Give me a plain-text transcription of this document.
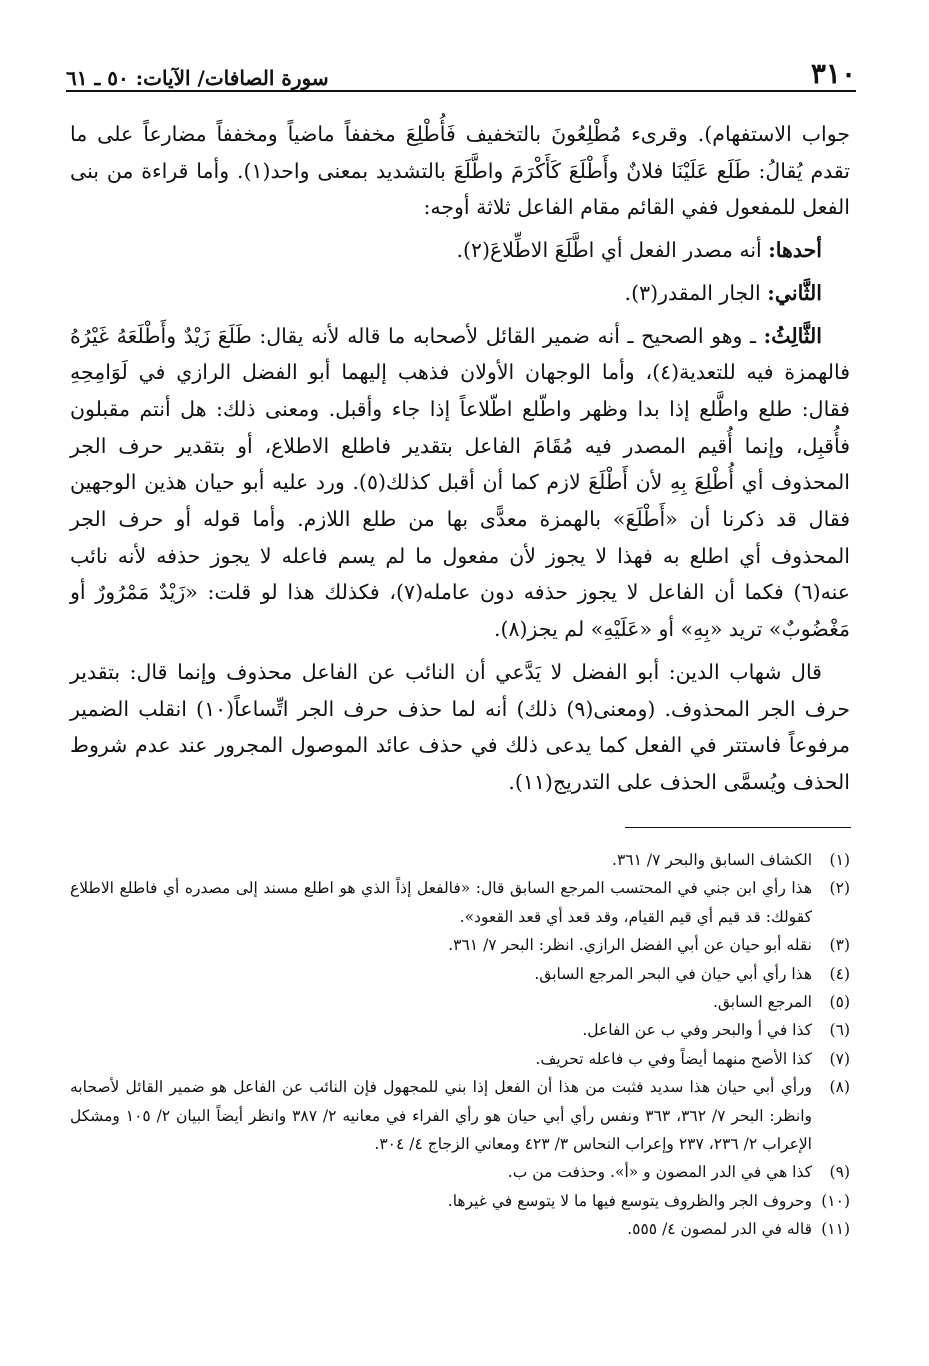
٣١٠
سورة الصافات/ الآيات: ٥٠ ـ ٦١

جواب الاستفهام). وقرىء مُطْلِعُونَ بالتخفيف فَأُطْلِعَ مخففاً ماضياً ومخففاً مضارعاً على ما تقدم يُقالُ: طَلَع عَلَيْنَا فلانٌ وأَطْلَعَ كَأَكْرَمَ واطَّلَعَ بالتشديد بمعنى واحد(١). وأما قراءة من بنى الفعل للمفعول ففي القائم مقام الفاعل ثلاثة أوجه:

أحدها: أنه مصدر الفعل أي اطَّلَعَ الاطِّلاعَ(٢).

الثَّاني: الجار المقدر(٣).

الثَّالِثُ: ـ وهو الصحيح ـ أنه ضمير القائل لأصحابه ما قاله لأنه يقال: طَلَعَ زَيْدٌ وأَطْلَعَهُ غَيْرُهُ فالهمزة فيه للتعدية(٤)، وأما الوجهان الأولان فذهب إليهما أبو الفضل الرازي في لَوَامِحِهِ فقال: طلع واطَّلع إذا بدا وظهر واطّلع اطّلاعاً إذا جاء وأقبل. ومعنى ذلك: هل أنتم مقبلون فأُقبِل، وإنما أُقيم المصدر فيه مُقَامَ الفاعل بتقدير فاطلع الاطلاع، أو بتقدير حرف الجر المحذوف أي أُطْلِعَ بِهِ لأن أَطْلَعَ لازم كما أن أقبل كذلك(٥). ورد عليه أبو حيان هذين الوجهين فقال قد ذكرنا أن «أَطْلَعَ» بالهمزة معدًّى بها من طلع اللازم. وأما قوله أو حرف الجر المحذوف أي اطلع به فهذا لا يجوز لأن مفعول ما لم يسم فاعله لا يجوز حذفه لأنه نائب عنه(٦) فكما أن الفاعل لا يجوز حذفه دون عامله(٧)، فكذلك هذا لو قلت: «زَيْدٌ مَمْرُورٌ أو مَغْضُوبٌ» تريد «بِهِ» أو «عَلَيْهِ» لم يجز(٨).

قال شهاب الدين: أبو الفضل لا يَدَّعي أن النائب عن الفاعل محذوف وإنما قال: بتقدير حرف الجر المحذوف. (ومعنى(٩) ذلك) أنه لما حذف حرف الجر اتِّساعاً(١٠) انقلب الضمير مرفوعاً فاستتر في الفعل كما يدعى ذلك في حذف عائد الموصول المجرور عند عدم شروط الحذف ويُسمَّى الحذف على التدريج(١١).

(١)
الكشاف السابق والبحر ٧/ ٣٦١.
(٢)
هذا رأي ابن جني في المحتسب المرجع السابق قال: «فالفعل إذاً الذي هو اطلع مسند إلى مصدره أي فاطلع الاطلاع كقولك: قد قيم أي قيم القيام، وقد قعد أي قعد القعود».
(٣)
نقله أبو حيان عن أبي الفضل الرازي. انظر: البحر ٧/ ٣٦١.
(٤)
هذا رأي أبي حيان في البحر المرجع السابق.
(٥)
المرجع السابق.
(٦)
كذا في أ والبحر وفي ب عن الفاعل.
(٧)
كذا الأصح منهما أيضاً وفي ب فاعله تحريف.
(٨)
ورأي أبي حيان هذا سديد فثبت من هذا أن الفعل إذا بني للمجهول فإن النائب عن الفاعل هو ضمير القائل لأصحابه وانظر: البحر ٧/ ٣٦٢، ٣٦٣ ونفس رأي أبي حيان هو رأي الفراء في معانيه ٢/ ٣٨٧ وانظر أيضاً البيان ٢/ ١٠٥ ومشكل الإعراب ٢/ ٢٣٦، ٢٣٧ وإعراب النحاس ٣/ ٤٢٣ ومعاني الزجاج ٤/ ٣٠٤.
(٩)
كذا هي في الدر المصون و «أ». وحذفت من ب.
(١٠)
وحروف الجر والظروف يتوسع فيها ما لا يتوسع في غيرها.
(١١)
قاله في الدر لمصون ٤/ ٥٥٥.
